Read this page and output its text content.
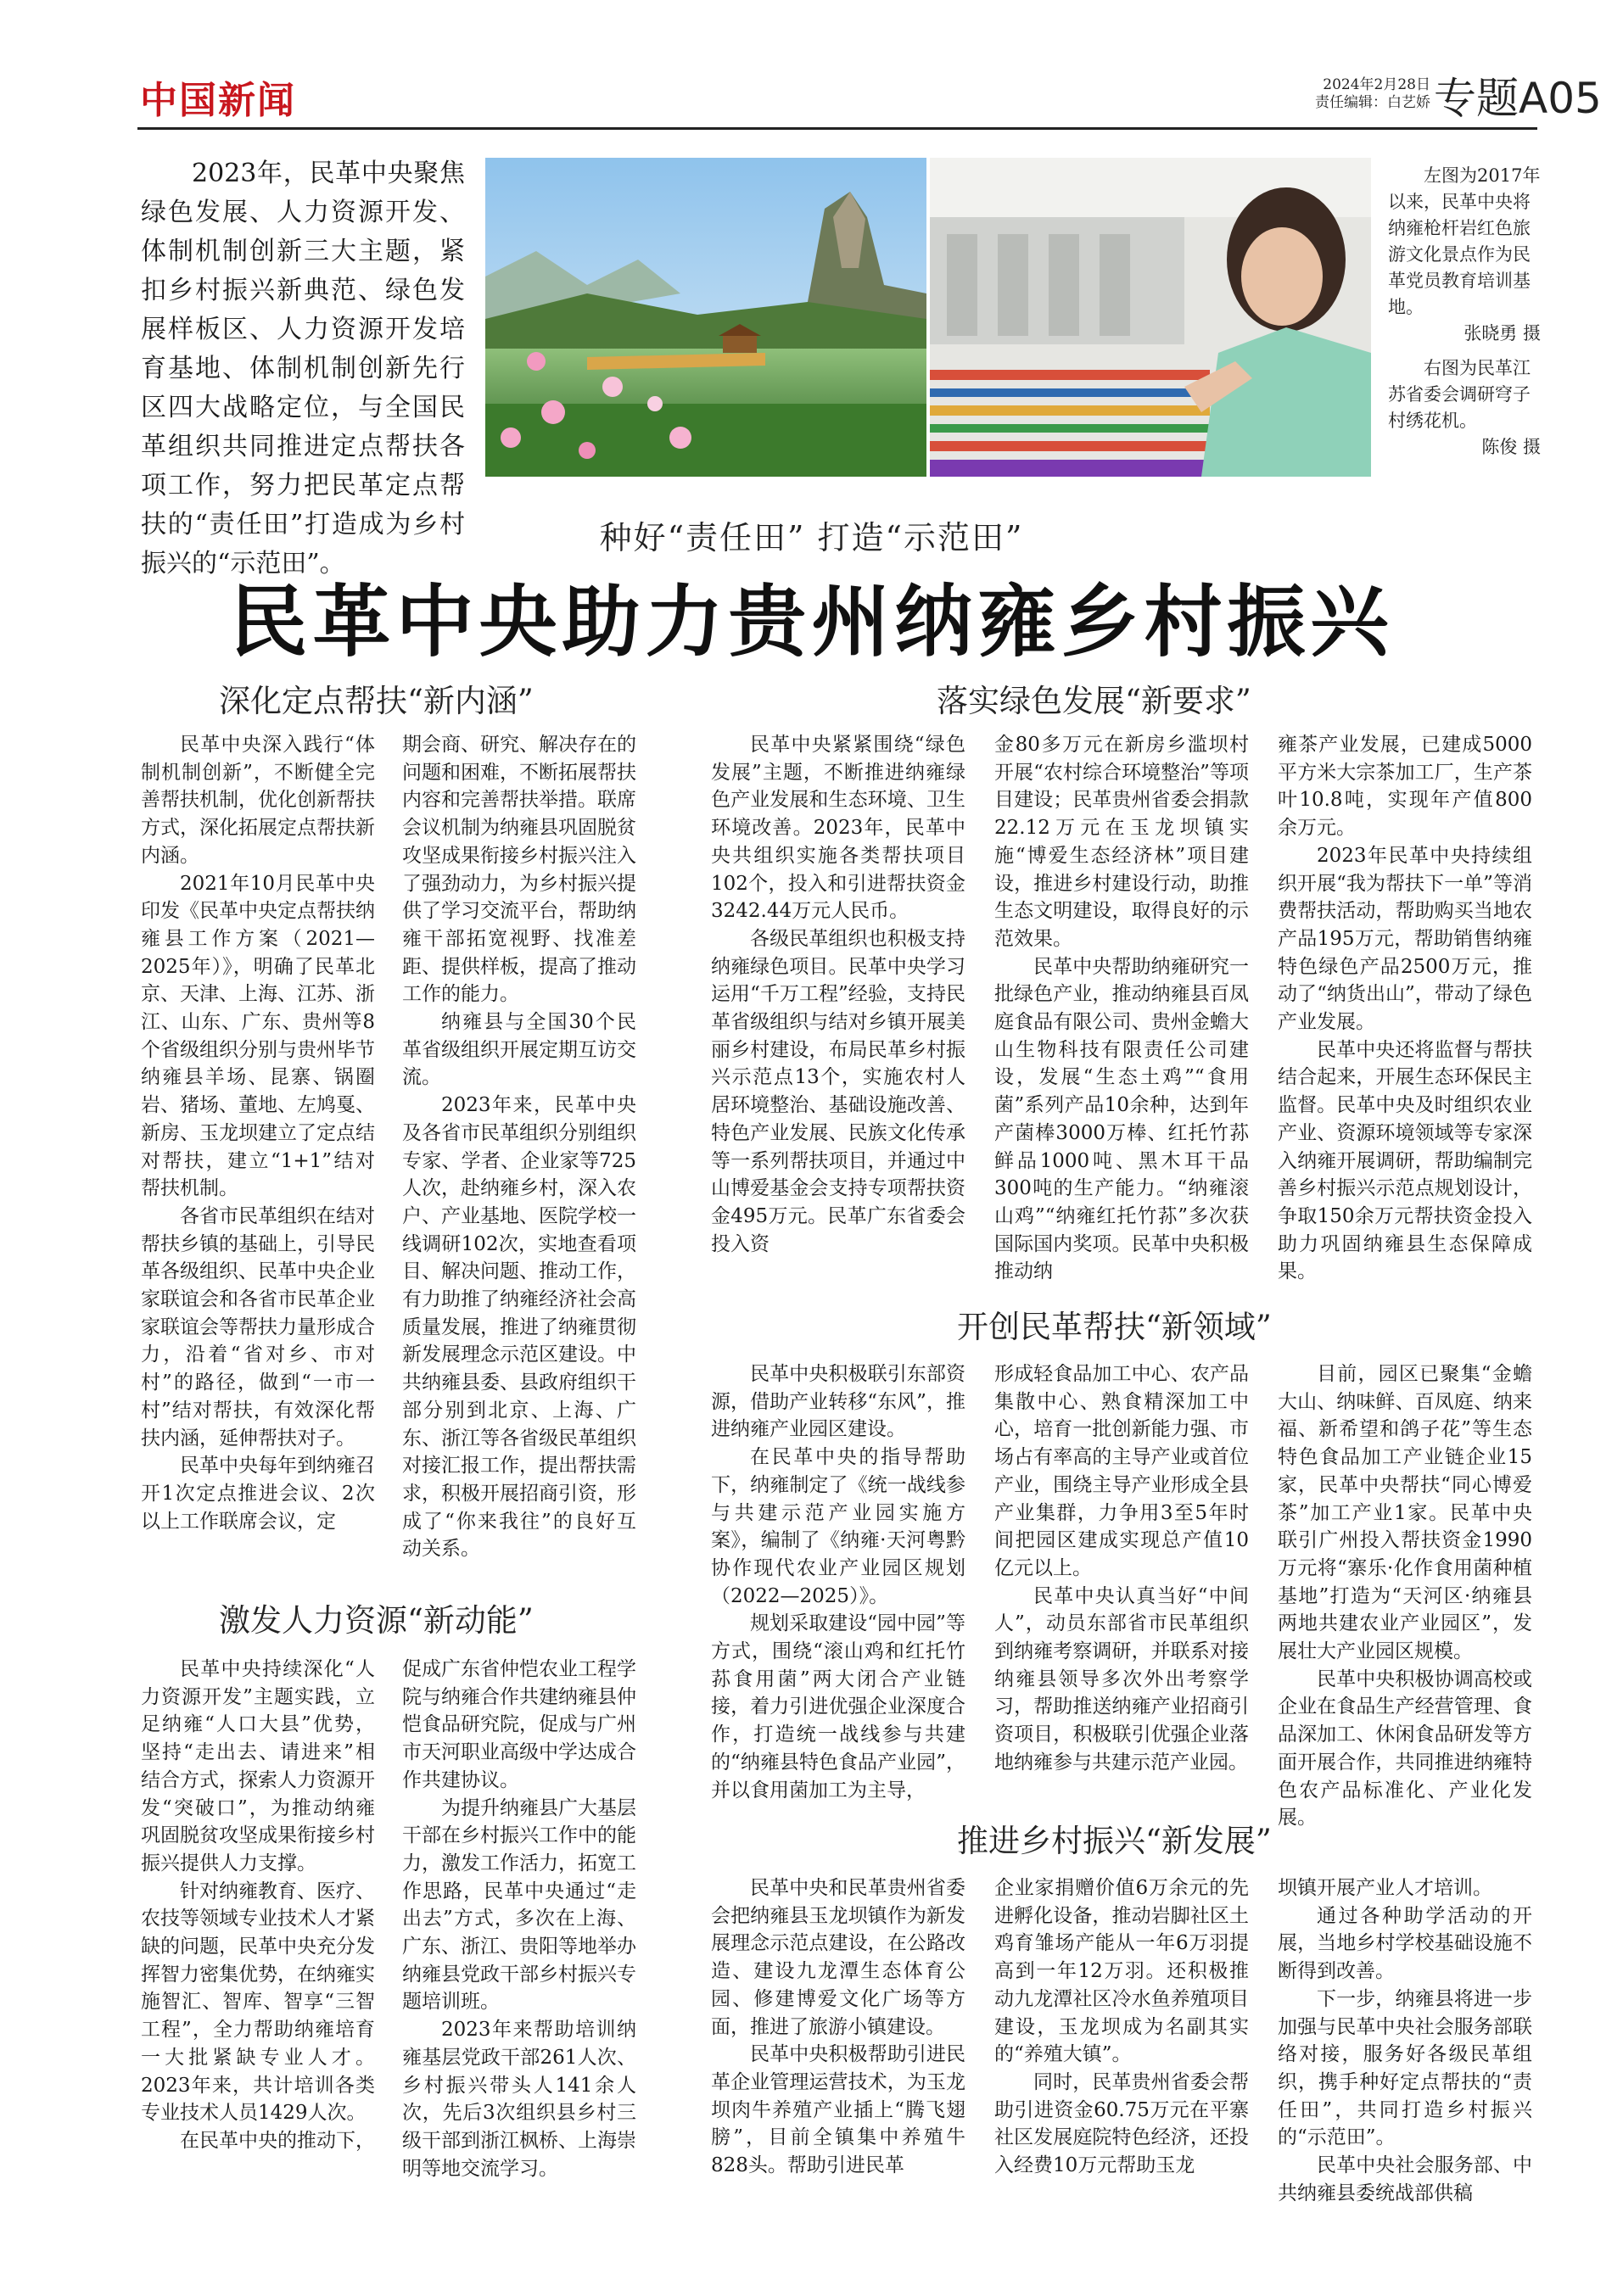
中国新闻	2024年2月28日
责任编辑：白艺娇 专题A05
2023年，民革中央聚焦绿色发展、人力资源开发、体制机制创新三大主题，紧扣乡村振兴新典范、绿色发展样板区、人力资源开发培育基地、体制机制创新先行区四大战略定位，与全国民革组织共同推进定点帮扶各项工作，努力把民革定点帮扶的“责任田”打造成为乡村振兴的“示范田”。

左图为2017年以来，民革中央将纳雍枪杆岩红色旅游文化景点作为民革党员教育培训基地。
张晓勇 摄

右图为民革江苏省委会调研穹子村绣花机。
陈俊 摄

种好“责任田” 打造“示范田”
民革中央助力贵州纳雍乡村振兴
深化定点帮扶“新内涵”

民革中央深入践行“体制机制创新”，不断健全完善帮扶机制，优化创新帮扶方式，深化拓展定点帮扶新内涵。

2021年10月民革中央印发《民革中央定点帮扶纳雍县工作方案（2021—2025年）》，明确了民革北京、天津、上海、江苏、浙江、山东、广东、贵州等8个省级组织分别与贵州毕节纳雍县羊场、昆寨、锅圈岩、猪场、董地、左鸠戛、新房、玉龙坝建立了定点结对帮扶，建立“1+1”结对帮扶机制。

各省市民革组织在结对帮扶乡镇的基础上，引导民革各级组织、民革中央企业家联谊会和各省市民革企业家联谊会等帮扶力量形成合力，沿着“省对乡、市对村”的路径，做到“一市一村”结对帮扶，有效深化帮扶内涵，延伸帮扶对子。

民革中央每年到纳雍召开1次定点推进会议、2次以上工作联席会议，定

期会商、研究、解决存在的问题和困难，不断拓展帮扶内容和完善帮扶举措。联席会议机制为纳雍县巩固脱贫攻坚成果衔接乡村振兴注入了强劲动力，为乡村振兴提供了学习交流平台，帮助纳雍干部拓宽视野、找准差距、提供样板，提高了推动工作的能力。

纳雍县与全国30个民革省级组织开展定期互访交流。

2023年来，民革中央及各省市民革组织分别组织专家、学者、企业家等725人次，赴纳雍乡村，深入农户、产业基地、医院学校一线调研102次，实地查看项目、解决问题、推动工作，有力助推了纳雍经济社会高质量发展，推进了纳雍贯彻新发展理念示范区建设。中共纳雍县委、县政府组织干部分别到北京、上海、广东、浙江等各省级民革组织对接汇报工作，提出帮扶需求，积极开展招商引资，形成了“你来我往”的良好互动关系。

激发人力资源“新动能”

民革中央持续深化“人力资源开发”主题实践，立足纳雍“人口大县”优势，坚持“走出去、请进来”相结合方式，探索人力资源开发“突破口”，为推动纳雍巩固脱贫攻坚成果衔接乡村振兴提供人力支撑。

针对纳雍教育、医疗、农技等领域专业技术人才紧缺的问题，民革中央充分发挥智力密集优势，在纳雍实施智汇、智库、智享“三智工程”，全力帮助纳雍培育一大批紧缺专业人才。2023年来，共计培训各类专业技术人员1429人次。

在民革中央的推动下，

促成广东省仲恺农业工程学院与纳雍合作共建纳雍县仲恺食品研究院，促成与广州市天河职业高级中学达成合作共建协议。

为提升纳雍县广大基层干部在乡村振兴工作中的能力，激发工作活力，拓宽工作思路，民革中央通过“走出去”方式，多次在上海、广东、浙江、贵阳等地举办纳雍县党政干部乡村振兴专题培训班。

2023年来帮助培训纳雍基层党政干部261人次、乡村振兴带头人141余人次，先后3次组织县乡村三级干部到浙江枫桥、上海崇明等地交流学习。

落实绿色发展“新要求”

民革中央紧紧围绕“绿色发展”主题，不断推进纳雍绿色产业发展和生态环境、卫生环境改善。2023年，民革中央共组织实施各类帮扶项目102个，投入和引进帮扶资金3242.44万元人民币。

各级民革组织也积极支持纳雍绿色项目。民革中央学习运用“千万工程”经验，支持民革省级组织与结对乡镇开展美丽乡村建设，布局民革乡村振兴示范点13个，实施农村人居环境整治、基础设施改善、特色产业发展、民族文化传承等一系列帮扶项目，并通过中山博爱基金会支持专项帮扶资金495万元。民革广东省委会投入资

金80多万元在新房乡滥坝村开展“农村综合环境整治”等项目建设；民革贵州省委会捐款22.12万元在玉龙坝镇实施“博爱生态经济林”项目建设，推进乡村建设行动，助推生态文明建设，取得良好的示范效果。

民革中央帮助纳雍研究一批绿色产业，推动纳雍县百凤庭食品有限公司、贵州金蟾大山生物科技有限责任公司建设，发展“生态土鸡”“食用菌”系列产品10余种，达到年产菌棒3000万棒、红托竹荪鲜品1000吨、黑木耳干品300吨的生产能力。“纳雍滚山鸡”“纳雍红托竹荪”多次获国际国内奖项。民革中央积极推动纳

雍茶产业发展，已建成5000平方米大宗茶加工厂，生产茶叶10.8吨，实现年产值800余万元。

2023年民革中央持续组织开展“我为帮扶下一单”等消费帮扶活动，帮助购买当地农产品195万元，帮助销售纳雍特色绿色产品2500万元，推动了“纳货出山”，带动了绿色产业发展。

民革中央还将监督与帮扶结合起来，开展生态环保民主监督。民革中央及时组织农业产业、资源环境领域等专家深入纳雍开展调研，帮助编制完善乡村振兴示范点规划设计，争取150余万元帮扶资金投入助力巩固纳雍县生态保障成果。

开创民革帮扶“新领域”

民革中央积极联引东部资源，借助产业转移“东风”，推进纳雍产业园区建设。

在民革中央的指导帮助下，纳雍制定了《统一战线参与共建示范产业园实施方案》，编制了《纳雍·天河粤黔协作现代农业产业园区规划（2022—2025）》。

规划采取建设“园中园”等方式，围绕“滚山鸡和红托竹荪食用菌”两大闭合产业链接，着力引进优强企业深度合作，打造统一战线参与共建的“纳雍县特色食品产业园”，并以食用菌加工为主导，

形成轻食品加工中心、农产品集散中心、熟食精深加工中心，培育一批创新能力强、市场占有率高的主导产业或首位产业，围绕主导产业形成全县产业集群，力争用3至5年时间把园区建成实现总产值10亿元以上。

民革中央认真当好“中间人”，动员东部省市民革组织到纳雍考察调研，并联系对接纳雍县领导多次外出考察学习，帮助推送纳雍产业招商引资项目，积极联引优强企业落地纳雍参与共建示范产业园。

目前，园区已聚集“金蟾大山、纳味鲜、百凤庭、纳来福、新希望和鸽子花”等生态特色食品加工产业链企业15家，民革中央帮扶“同心博爱茶”加工产业1家。民革中央联引广州投入帮扶资金1990万元将“寨乐·化作食用菌种植基地”打造为“天河区·纳雍县两地共建农业产业园区”，发展壮大产业园区规模。

民革中央积极协调高校或企业在食品生产经营管理、食品深加工、休闲食品研发等方面开展合作，共同推进纳雍特色农产品标准化、产业化发展。

推进乡村振兴“新发展”

民革中央和民革贵州省委会把纳雍县玉龙坝镇作为新发展理念示范点建设，在公路改造、建设九龙潭生态体育公园、修建博爱文化广场等方面，推进了旅游小镇建设。

民革中央积极帮助引进民革企业管理运营技术，为玉龙坝肉牛养殖产业插上“腾飞翅膀”，目前全镇集中养殖牛828头。帮助引进民革

企业家捐赠价值6万余元的先进孵化设备，推动岩脚社区土鸡育雏场产能从一年6万羽提高到一年12万羽。还积极推动九龙潭社区冷水鱼养殖项目建设，玉龙坝成为名副其实的“养殖大镇”。

同时，民革贵州省委会帮助引进资金60.75万元在平寨社区发展庭院特色经济，还投入经费10万元帮助玉龙

坝镇开展产业人才培训。

通过各种助学活动的开展，当地乡村学校基础设施不断得到改善。

下一步，纳雍县将进一步加强与民革中央社会服务部联络对接，服务好各级民革组织，携手种好定点帮扶的“责任田”，共同打造乡村振兴的“示范田”。

民革中央社会服务部、中共纳雍县委统战部供稿
